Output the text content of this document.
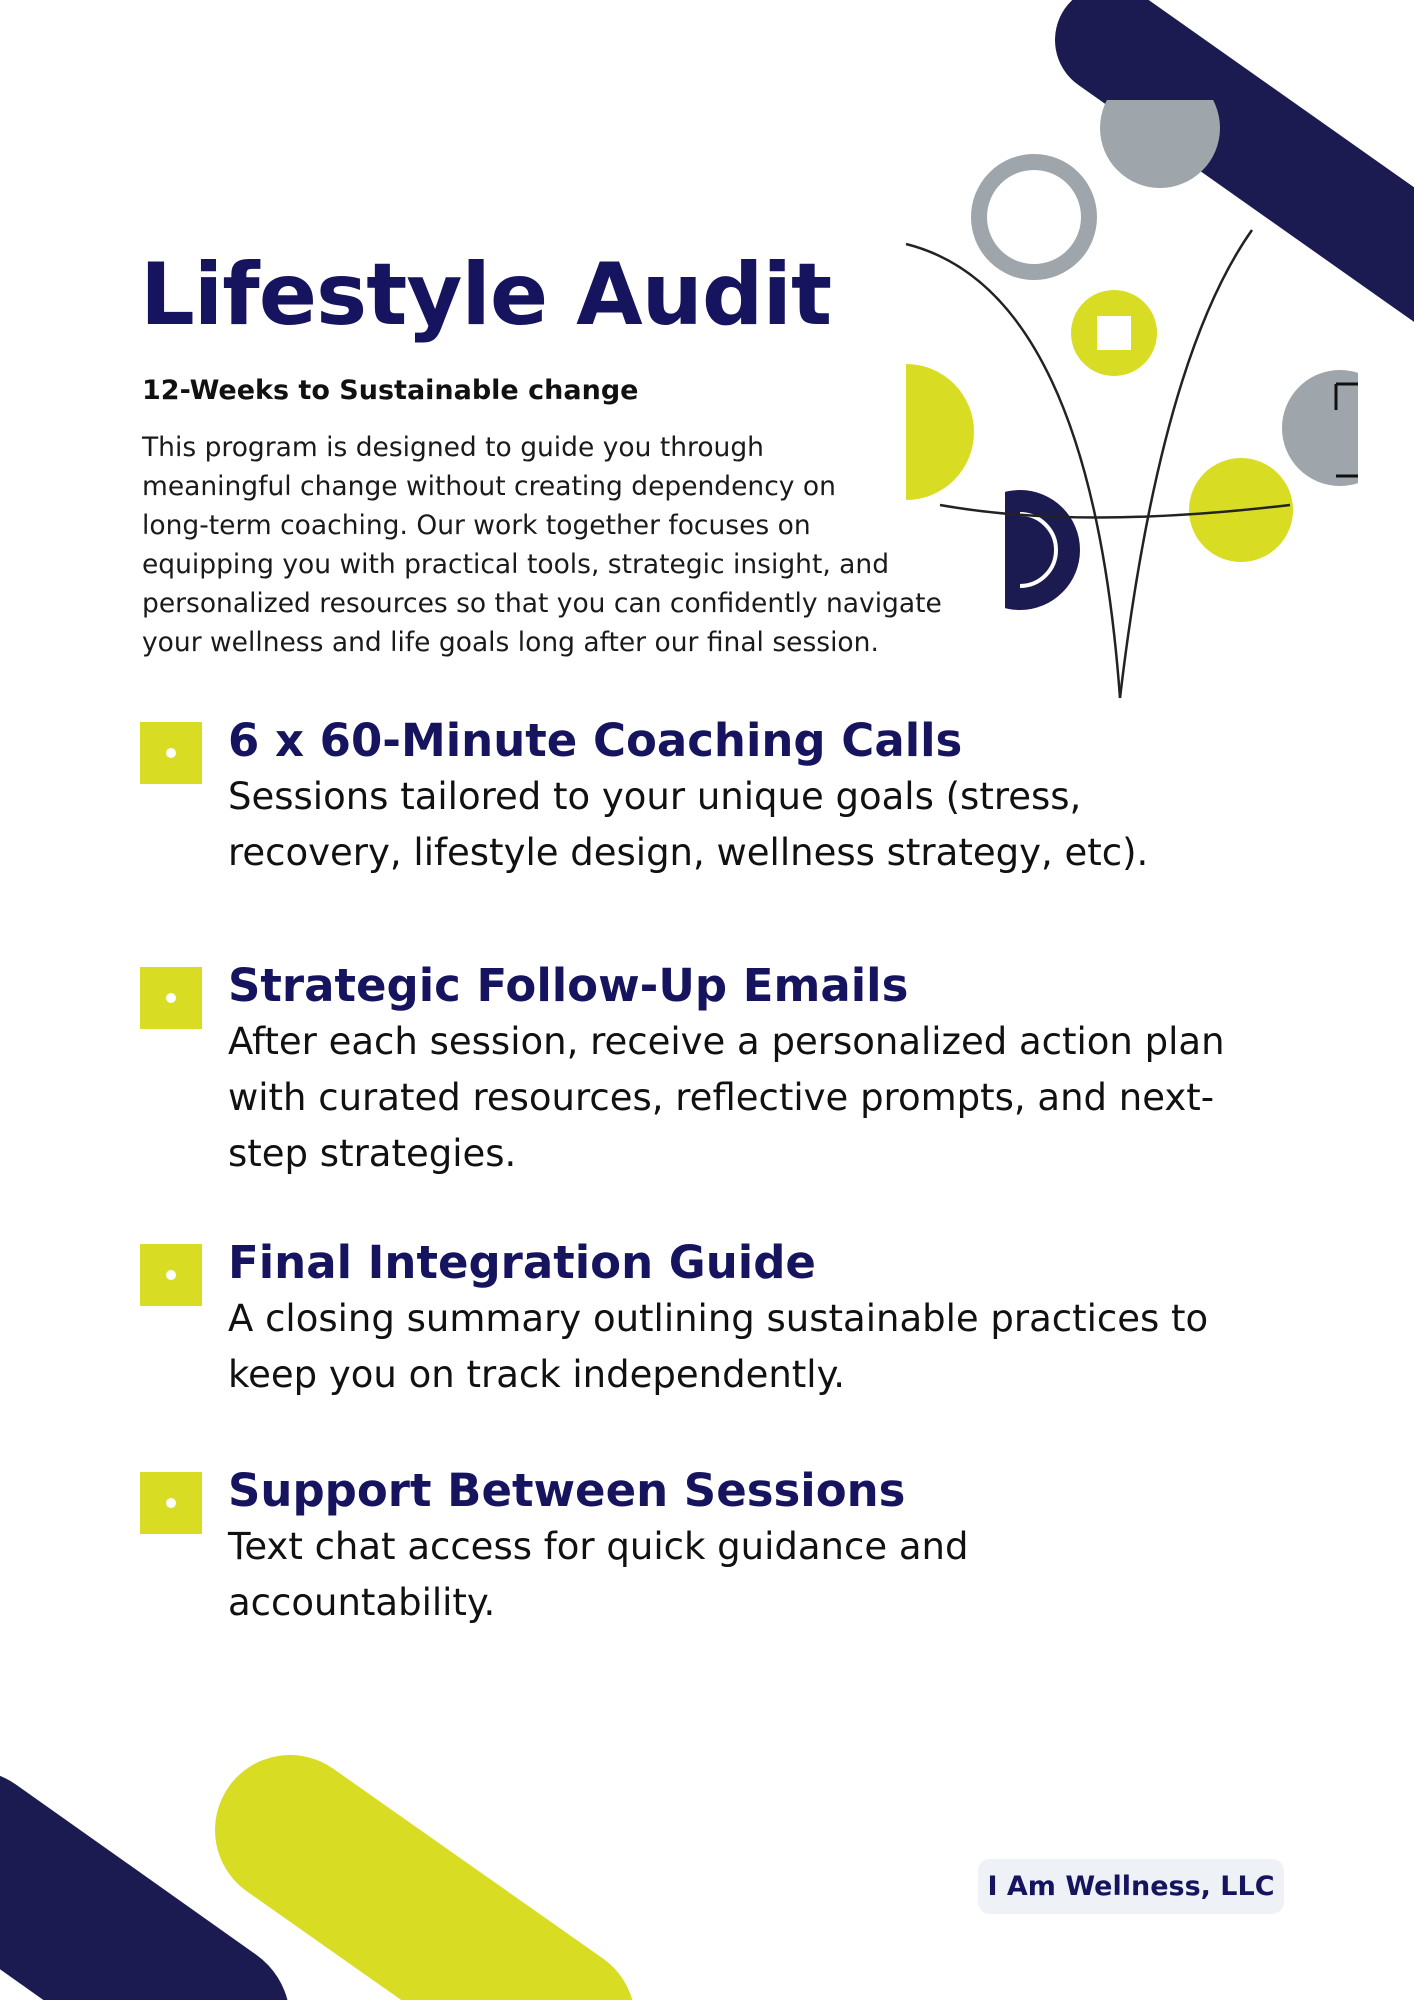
Lifestyle Audit

12-Weeks to Sustainable change

This program is designed to guide you through
meaningful change without creating dependency on
long-term coaching. Our work together focuses on
equipping you with practical tools, strategic insight, and
personalized resources so that you can confidently navigate
your wellness and life goals long after our final session.

6 x 60-Minute Coaching Calls

Sessions tailored to your unique goals (stress,
recovery, lifestyle design, wellness strategy, etc).

Strategic Follow-Up Emails

After each session, receive a personalized action plan
with curated resources, reflective prompts, and next-
step strategies.

Final Integration Guide

A closing summary outlining sustainable practices to
keep you on track independently.

Support Between Sessions

Text chat access for quick guidance and
accountability.

I Am Wellness, LLC
